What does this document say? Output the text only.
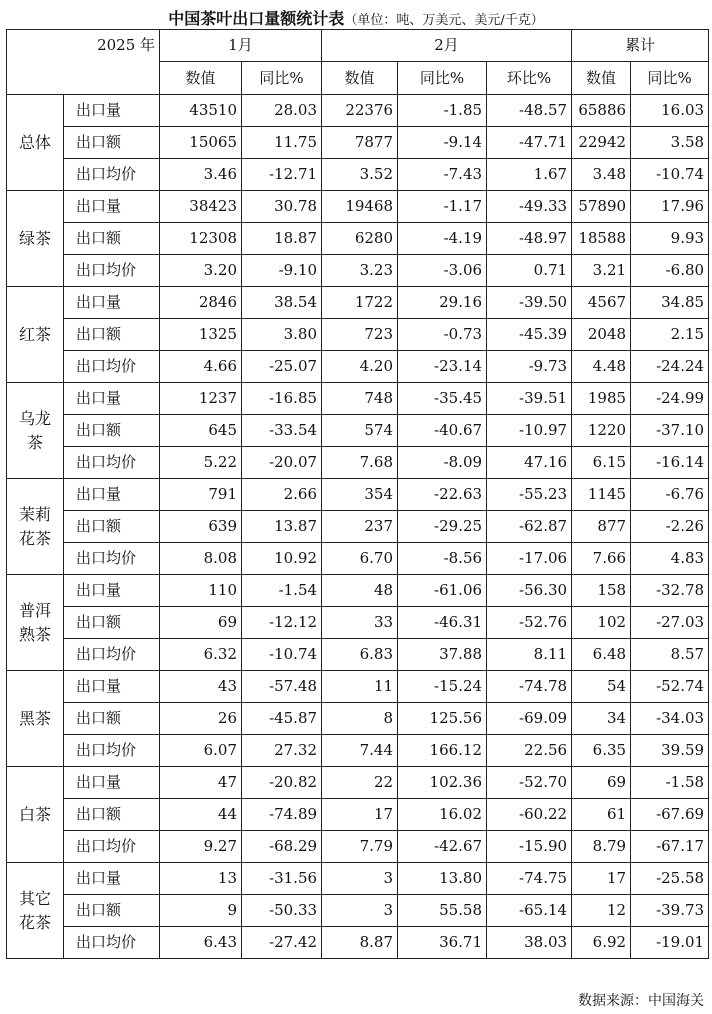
中国茶叶出口量额统计表（单位：吨、万美元、美元/千克）
2025 年		1月		2月			累计	
		数值	同比%	数值	同比%	环比%	数值	同比%
总体	出口量	43510	28.03	22376	-1.85	-48.57	65886	16.03
	出口额	15065	11.75	7877	-9.14	-47.71	22942	3.58
	出口均价	3.46	-12.71	3.52	-7.43	1.67	3.48	-10.74
绿茶	出口量	38423	30.78	19468	-1.17	-49.33	57890	17.96
	出口额	12308	18.87	6280	-4.19	-48.97	18588	9.93
	出口均价	3.20	-9.10	3.23	-3.06	0.71	3.21	-6.80
红茶	出口量	2846	38.54	1722	29.16	-39.50	4567	34.85
	出口额	1325	3.80	723	-0.73	-45.39	2048	2.15
	出口均价	4.66	-25.07	4.20	-23.14	-9.73	4.48	-24.24
乌龙茶	出口量	1237	-16.85	748	-35.45	-39.51	1985	-24.99
	出口额	645	-33.54	574	-40.67	-10.97	1220	-37.10
	出口均价	5.22	-20.07	7.68	-8.09	47.16	6.15	-16.14
茉莉花茶	出口量	791	2.66	354	-22.63	-55.23	1145	-6.76
	出口额	639	13.87	237	-29.25	-62.87	877	-2.26
	出口均价	8.08	10.92	6.70	-8.56	-17.06	7.66	4.83
普洱熟茶	出口量	110	-1.54	48	-61.06	-56.30	158	-32.78
	出口额	69	-12.12	33	-46.31	-52.76	102	-27.03
	出口均价	6.32	-10.74	6.83	37.88	8.11	6.48	8.57
黑茶	出口量	43	-57.48	11	-15.24	-74.78	54	-52.74
	出口额	26	-45.87	8	125.56	-69.09	34	-34.03
	出口均价	6.07	27.32	7.44	166.12	22.56	6.35	39.59
白茶	出口量	47	-20.82	22	102.36	-52.70	69	-1.58
	出口额	44	-74.89	17	16.02	-60.22	61	-67.69
	出口均价	9.27	-68.29	7.79	-42.67	-15.90	8.79	-67.17
其它花茶	出口量	13	-31.56	3	13.80	-74.75	17	-25.58
	出口额	9	-50.33	3	55.58	-65.14	12	-39.73
	出口均价	6.43	-27.42	8.87	36.71	38.03	6.92	-19.01
数据来源：中国海关
